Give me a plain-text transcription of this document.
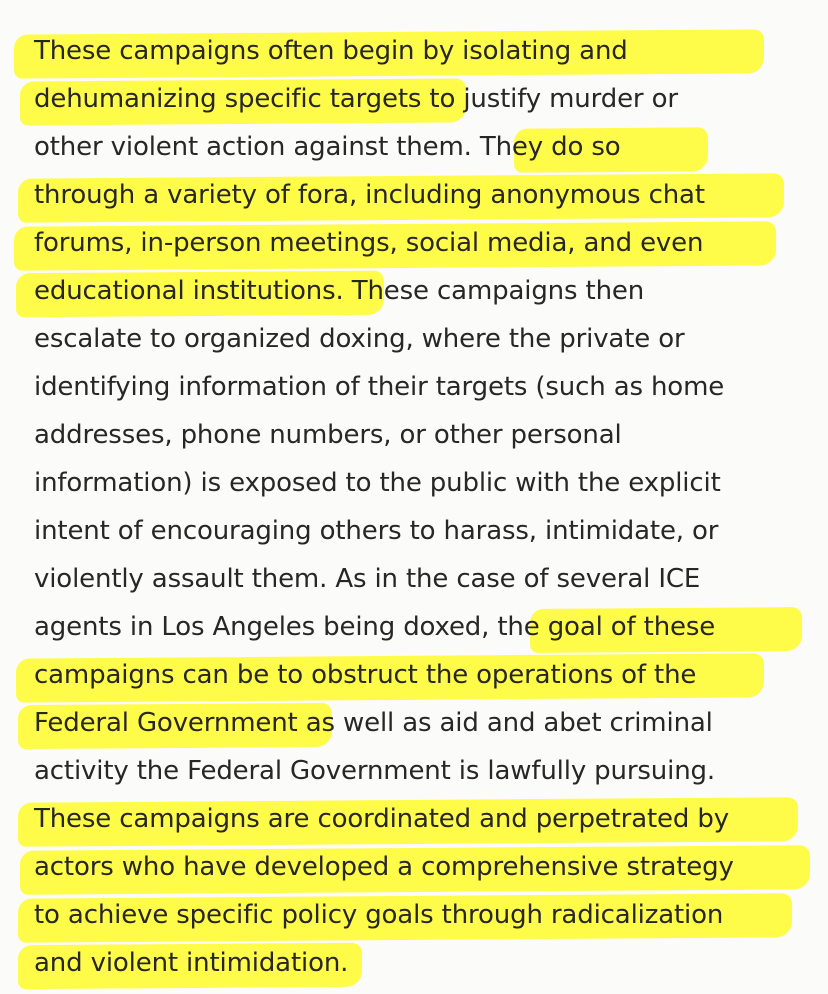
These campaigns often begin by isolating and
dehumanizing specific targets to justify murder or
other violent action against them. They do so
through a variety of fora, including anonymous chat
forums, in-person meetings, social media, and even
educational institutions. These campaigns then
escalate to organized doxing, where the private or
identifying information of their targets (such as home
addresses, phone numbers, or other personal
information) is exposed to the public with the explicit
intent of encouraging others to harass, intimidate, or
violently assault them. As in the case of several ICE
agents in Los Angeles being doxed, the goal of these
campaigns can be to obstruct the operations of the
Federal Government as well as aid and abet criminal
activity the Federal Government is lawfully pursuing.
These campaigns are coordinated and perpetrated by
actors who have developed a comprehensive strategy
to achieve specific policy goals through radicalization
and violent intimidation.
